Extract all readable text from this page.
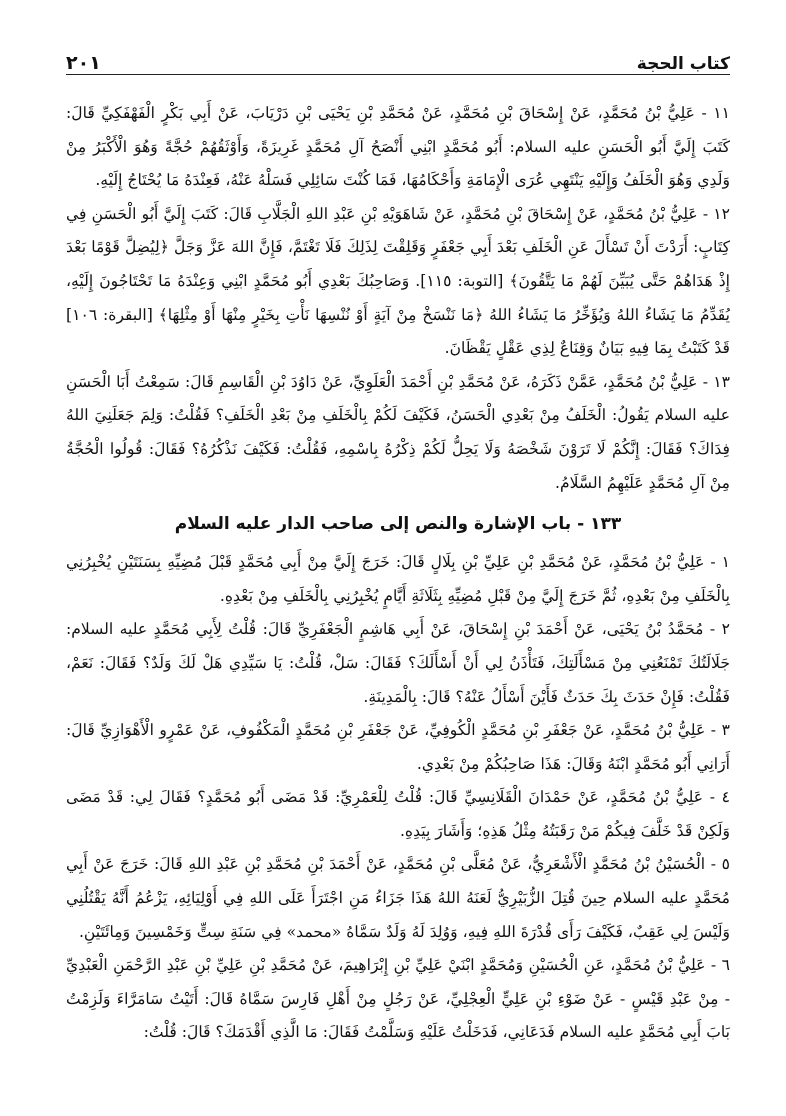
٢٠١	كتاب الحجة

١١ - عَلِيُّ بْنُ مُحَمَّدٍ، عَنْ إِسْحَاقَ بْنِ مُحَمَّدٍ، عَنْ مُحَمَّدِ بْنِ يَحْيَى بْنِ دَرْيَابَ، عَنْ أَبِي بَكْرٍ الْفَهْفَكِيِّ قَالَ: كَتَبَ إِلَيَّ أَبُو الْحَسَنِ عليه السلام: أَبُو مُحَمَّدٍ ابْنِي أَنْصَحُ آلِ مُحَمَّدٍ غَرِيزَةً، وَأَوْثَقُهُمْ حُجَّةً وَهُوَ الْأَكْبَرُ مِنْ وَلَدِي وَهُوَ الْخَلَفُ وَإِلَيْهِ يَنْتَهِي عُرَى الْإِمَامَةِ وَأَحْكَامُهَا، فَمَا كُنْتَ سَائِلِي فَسَلْهُ عَنْهُ، فَعِنْدَهُ مَا يُحْتَاجُ إِلَيْهِ.

١٢ - عَلِيُّ بْنُ مُحَمَّدٍ، عَنْ إِسْحَاقَ بْنِ مُحَمَّدٍ، عَنْ شَاهَوَيْهِ بْنِ عَبْدِ اللهِ الْجَلَّابِ قَالَ: كَتَبَ إِلَيَّ أَبُو الْحَسَنِ فِي كِتَابٍ: أَرَدْتَ أَنْ تَسْأَلَ عَنِ الْخَلَفِ بَعْدَ أَبِي جَعْفَرٍ وَقَلِقْتَ لِذَلِكَ فَلَا تَغْتَمَّ، فَإِنَّ اللهَ عَزَّ وَجَلَّ ﴿لِيُضِلَّ قَوْمًا بَعْدَ إِذْ هَدَاهُمْ حَتَّى يُبَيِّنَ لَهُمْ مَا يَتَّقُونَ﴾ [التوبة: ١١٥]. وَصَاحِبُكَ بَعْدِي أَبُو مُحَمَّدٍ ابْنِي وَعِنْدَهُ مَا تَحْتَاجُونَ إِلَيْهِ، يُقَدِّمُ مَا يَشَاءُ اللهُ وَيُؤَخِّرُ مَا يَشَاءُ اللهُ ﴿مَا نَنْسَخْ مِنْ آيَةٍ أَوْ نُنْسِهَا نَأْتِ بِخَيْرٍ مِنْهَا أَوْ مِثْلِهَا﴾ [البقرة: ١٠٦] قَدْ كَتَبْتُ بِمَا فِيهِ بَيَانٌ وَقِنَاعٌ لِذِي عَقْلٍ يَقْظَانَ.

١٣ - عَلِيُّ بْنُ مُحَمَّدٍ، عَمَّنْ ذَكَرَهُ، عَنْ مُحَمَّدِ بْنِ أَحْمَدَ الْعَلَوِيِّ، عَنْ دَاوُدَ بْنِ الْقَاسِمِ قَالَ: سَمِعْتُ أَبَا الْحَسَنِ عليه السلام يَقُولُ: الْخَلَفُ مِنْ بَعْدِي الْحَسَنُ، فَكَيْفَ لَكُمْ بِالْخَلَفِ مِنْ بَعْدِ الْخَلَفِ؟ فَقُلْتُ: وَلِمَ جَعَلَنِيَ اللهُ فِدَاكَ؟ فَقَالَ: إِنَّكُمْ لَا تَرَوْنَ شَخْصَهُ وَلَا يَحِلُّ لَكُمْ ذِكْرُهُ بِاسْمِهِ، فَقُلْتُ: فَكَيْفَ نَذْكُرُهُ؟ فَقَالَ: قُولُوا الْحُجَّةُ مِنْ آلِ مُحَمَّدٍ عَلَيْهِمُ السَّلَامُ.

١٣٣ - باب الإشارة والنص إلى صاحب الدار عليه السلام

١ - عَلِيُّ بْنُ مُحَمَّدٍ، عَنْ مُحَمَّدِ بْنِ عَلِيِّ بْنِ بِلَالٍ قَالَ: خَرَجَ إِلَيَّ مِنْ أَبِي مُحَمَّدٍ قَبْلَ مُضِيِّهِ بِسَنَتَيْنِ يُخْبِرُنِي بِالْخَلَفِ مِنْ بَعْدِهِ، ثُمَّ خَرَجَ إِلَيَّ مِنْ قَبْلِ مُضِيِّهِ بِثَلَاثَةِ أَيَّامٍ يُخْبِرُنِي بِالْخَلَفِ مِنْ بَعْدِهِ.

٢ - مُحَمَّدُ بْنُ يَحْيَى، عَنْ أَحْمَدَ بْنِ إِسْحَاقَ، عَنْ أَبِي هَاشِمٍ الْجَعْفَرِيِّ قَالَ: قُلْتُ لِأَبِي مُحَمَّدٍ عليه السلام: جَلَالَتُكَ تَمْنَعُنِي مِنْ مَسْأَلَتِكَ، فَتَأْذَنُ لِي أَنْ أَسْأَلَكَ؟ فَقَالَ: سَلْ، قُلْتُ: يَا سَيِّدِي هَلْ لَكَ وَلَدٌ؟ فَقَالَ: نَعَمْ، فَقُلْتُ: فَإِنْ حَدَثَ بِكَ حَدَثٌ فَأَيْنَ أَسْأَلُ عَنْهُ؟ قَالَ: بِالْمَدِينَةِ.

٣ - عَلِيُّ بْنُ مُحَمَّدٍ، عَنْ جَعْفَرِ بْنِ مُحَمَّدٍ الْكُوفِيِّ، عَنْ جَعْفَرِ بْنِ مُحَمَّدٍ الْمَكْفُوفِ، عَنْ عَمْرٍو الْأَهْوَازِيِّ قَالَ: أَرَانِي أَبُو مُحَمَّدٍ ابْنَهُ وَقَالَ: هَذَا صَاحِبُكُمْ مِنْ بَعْدِي.

٤ - عَلِيُّ بْنُ مُحَمَّدٍ، عَنْ حَمْدَانَ الْقَلَانِسِيِّ قَالَ: قُلْتُ لِلْعَمْرِيِّ: قَدْ مَضَى أَبُو مُحَمَّدٍ؟ فَقَالَ لِي: قَدْ مَضَى وَلَكِنْ قَدْ خَلَّفَ فِيكُمْ مَنْ رَقَبَتُهُ مِثْلُ هَذِهِ؛ وَأَشَارَ بِيَدِهِ.

٥ - الْحُسَيْنُ بْنُ مُحَمَّدٍ الْأَشْعَرِيُّ، عَنْ مُعَلَّى بْنِ مُحَمَّدٍ، عَنْ أَحْمَدَ بْنِ مُحَمَّدِ بْنِ عَبْدِ اللهِ قَالَ: خَرَجَ عَنْ أَبِي مُحَمَّدٍ عليه السلام حِينَ قُتِلَ الزُّبَيْرِيُّ لَعَنَهُ اللهُ هَذَا جَزَاءُ مَنِ اجْتَرَأَ عَلَى اللهِ فِي أَوْلِيَائِهِ، يَزْعُمُ أَنَّهُ يَقْتُلُنِي وَلَيْسَ لِي عَقِبٌ، فَكَيْفَ رَأَى قُدْرَةَ اللهِ فِيهِ، وَوُلِدَ لَهُ وَلَدٌ سَمَّاهُ «محمد» فِي سَنَةِ سِتٍّ وَخَمْسِينَ وَمِائَتَيْنِ.

٦ - عَلِيُّ بْنُ مُحَمَّدٍ، عَنِ الْحُسَيْنِ وَمُحَمَّدٍ ابْنَيْ عَلِيِّ بْنِ إِبْرَاهِيمَ، عَنْ مُحَمَّدِ بْنِ عَلِيِّ بْنِ عَبْدِ الرَّحْمَنِ الْعَبْدِيِّ - مِنْ عَبْدِ قَيْسٍ - عَنْ ضَوْءِ بْنِ عَلِيٍّ الْعِجْلِيِّ، عَنْ رَجُلٍ مِنْ أَهْلِ فَارِسَ سَمَّاهُ قَالَ: أَتَيْتُ سَامَرَّاءَ وَلَزِمْتُ بَابَ أَبِي مُحَمَّدٍ عليه السلام فَدَعَانِي، فَدَخَلْتُ عَلَيْهِ وَسَلَّمْتُ فَقَالَ: مَا الَّذِي أَقْدَمَكَ؟ قَالَ: قُلْتُ:
